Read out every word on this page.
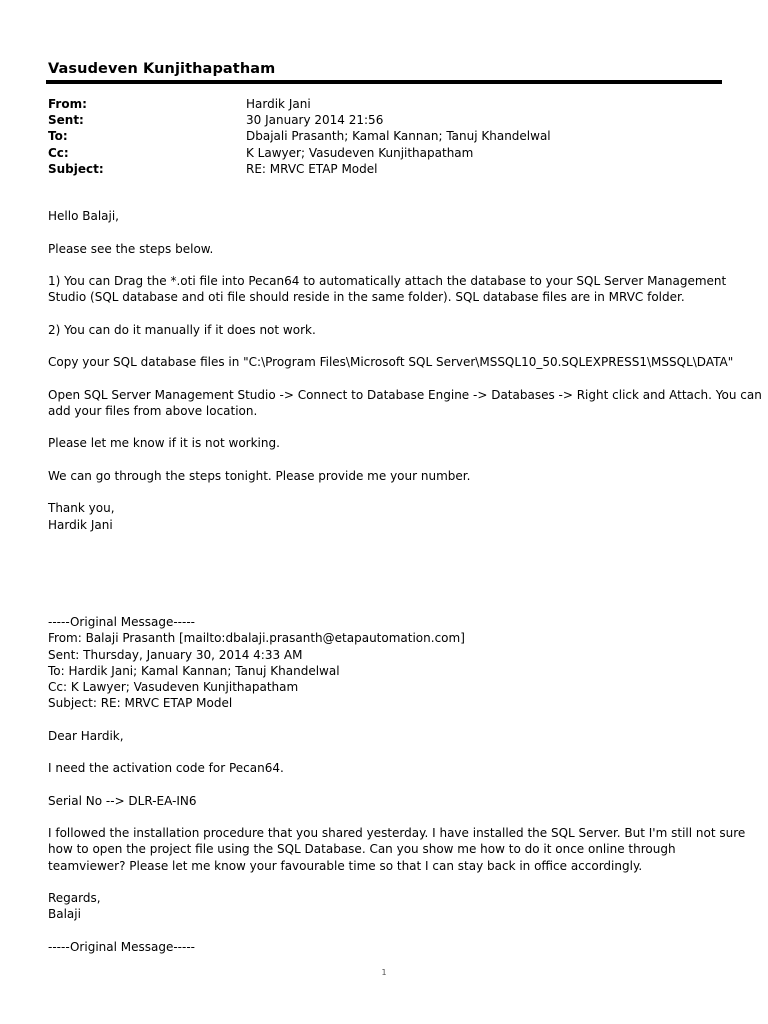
Vasudeven Kunjithapatham
From:	Hardik Jani
Sent:	30 January 2014 21:56
To:	Dbajali Prasanth; Kamal Kannan; Tanuj Khandelwal
Cc:	K Lawyer; Vasudeven Kunjithapatham
Subject:	RE: MRVC ETAP Model

Hello Balaji,

Please see the steps below.

1) You can Drag the *.oti file into Pecan64 to automatically attach the database to your SQL Server Management

Studio (SQL database and oti file should reside in the same folder). SQL database files are in MRVC folder.

2) You can do it manually if it does not work.

Copy your SQL database files in "C:\Program Files\Microsoft SQL Server\MSSQL10_50.SQLEXPRESS1\MSSQL\DATA"

Open SQL Server Management Studio -> Connect to Database Engine -> Databases -> Right click and Attach. You can

add your files from above location.

Please let me know if it is not working.

We can go through the steps tonight. Please provide me your number.

Thank you,

Hardik Jani

-----Original Message-----

From: Balaji Prasanth [mailto:dbalaji.prasanth@etapautomation.com]

Sent: Thursday, January 30, 2014 4:33 AM

To: Hardik Jani; Kamal Kannan; Tanuj Khandelwal

Cc: K Lawyer; Vasudeven Kunjithapatham

Subject: RE: MRVC ETAP Model

Dear Hardik,

I need the activation code for Pecan64.

Serial No --> DLR-EA-IN6

I followed the installation procedure that you shared yesterday. I have installed the SQL Server. But I'm still not sure

how to open the project file using the SQL Database. Can you show me how to do it once online through

teamviewer? Please let me know your favourable time so that I can stay back in office accordingly.

Regards,

Balaji

-----Original Message-----

1
